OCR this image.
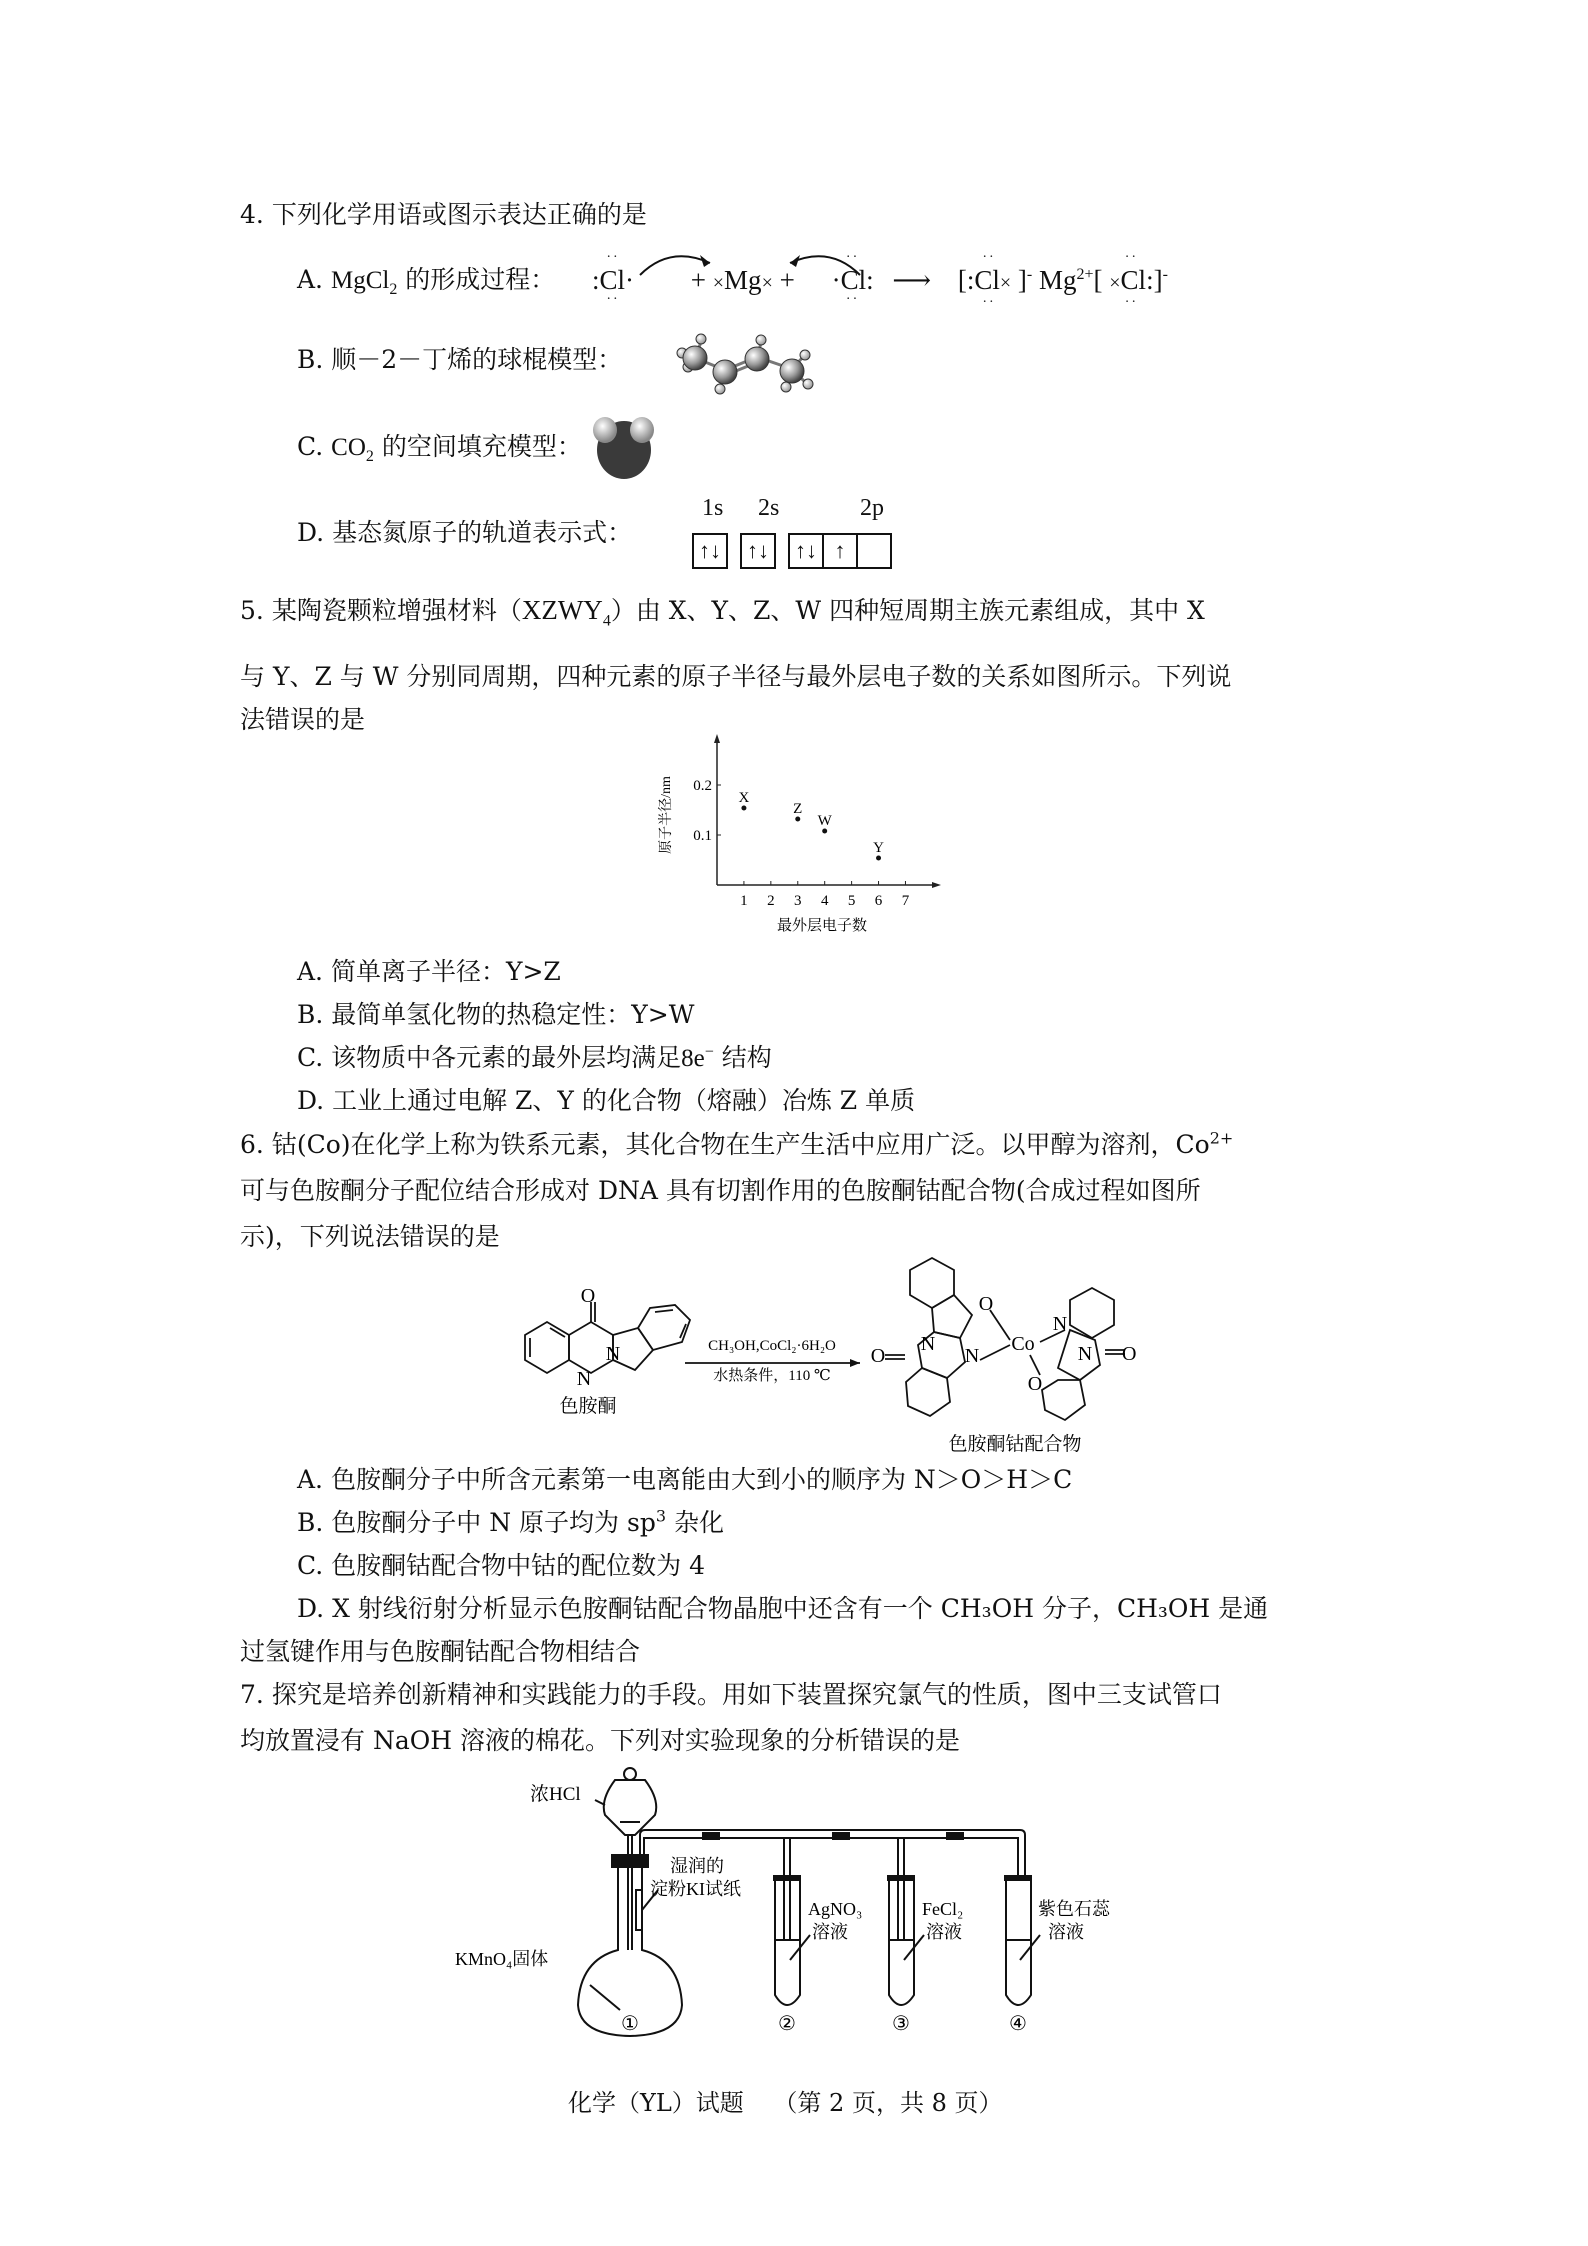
4. 下列化学用语或图示表达正确的是
A. MgCl$_2$ 的形成过程： :Cl·
··
··
+ ×Mg× + ·Cl:
··
··
⟶ [:Cl×
··
··
]- $Mg^{2+}[ \times Cl$:
··
··
]-
B. 顺－2－丁烯的球棍模型：
C. $CO_2$ 的空间填充模型：
D. 基态氮原子的轨道表示式：
1s 2s	2p
↑↓ ↑↓ ↑↓ ↑
5. 某陶瓷颗粒增强材料$(XZWY_4)$由 X、Y、Z、W 四种短周期主族元素组成，其中 X
与 Y、Z 与 W 分别同周期，四种元素的原子半径与最外层电子数的关系如图所示。下列说
法错误的是
1 2 3 4 5 6 7
0.1
0.2
X
Z
W
Y
最外层电子数
原子半径/nm
A. 简单离子半径：Y>Z
B. 最简单氢化物的热稳定性：Y>W
C. 该物质中各元素的最外层均满足8e− 结构
D. 工业上通过电解 Z、Y 的化合物（熔融）冶炼 Z 单质
6. 钴(Co)在化学上称为铁系元素，其化合物在生产生活中应用广泛。以甲醇为溶剂，$Co^{2+}$
可与色胺酮分子配位结合形成对 DNA 具有切割作用的色胺酮钴配合物(合成过程如图所
示)，下列说法错误的是
O
N
N
色胺酮
CH₃OH,CoCl₂·6H₂O
水热条件，110 ℃
O
N
N
Co
N
N
O
O	O
色胺酮钴配合物
A. 色胺酮分子中所含元素第一电离能由大到小的顺序为 N＞O＞H＞C
B. 色胺酮分子中 N 原子均为 $sp^3$ 杂化
C. 色胺酮钴配合物中钴的配位数为 4
D. X 射线衍射分析显示色胺酮钴配合物晶胞中还含有一个 CH₃OH 分子，CH₃OH 是通
过氢键作用与色胺酮钴配合物相结合
7. 探究是培养创新精神和实践能力的手段。用如下装置探究氯气的性质，图中三支试管口
均放置浸有 NaOH 溶液的棉花。下列对实验现象的分析错误的是
浓HCl
湿润的
淀粉KI试纸
KMnO₄固体
AgNO₃
溶液
FeCl₂
溶液
紫色石蕊
溶液
①	②	③	④
化学（YL）试题 （第 2 页，共 8 页）
